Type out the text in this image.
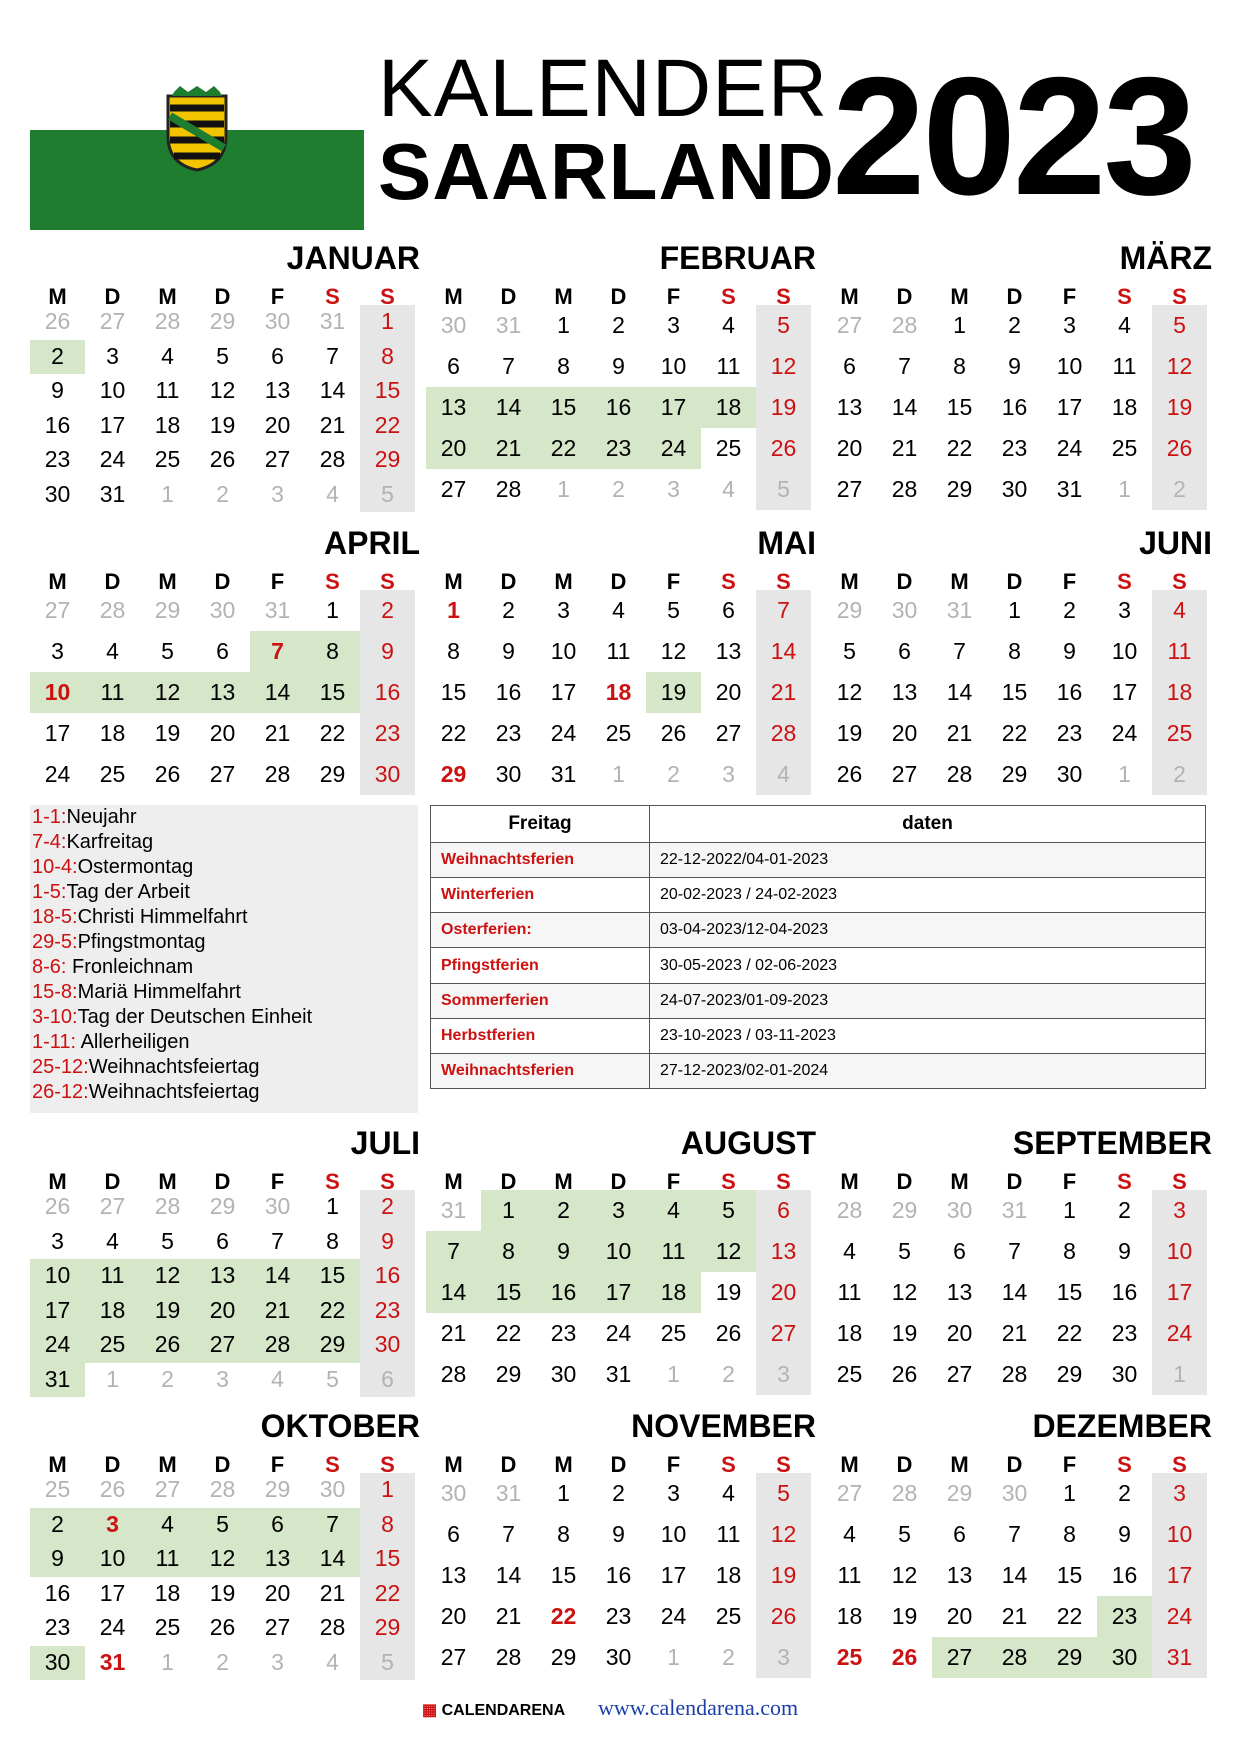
KALENDER
SAARLAND
2023
JANUAR
M	D	M	D	F	S	S
26	27	28	29	30	31	1
2	3	4	5	6	7	8
9	10	11	12	13	14	15
16	17	18	19	20	21	22
23	24	25	26	27	28	29
30	31	1	2	3	4	5
FEBRUAR
M	D	M	D	F	S	S
30	31	1	2	3	4	5
6	7	8	9	10	11	12
13	14	15	16	17	18	19
20	21	22	23	24	25	26
27	28	1	2	3	4	5
MÄRZ
M	D	M	D	F	S	S
27	28	1	2	3	4	5
6	7	8	9	10	11	12
13	14	15	16	17	18	19
20	21	22	23	24	25	26
27	28	29	30	31	1	2
APRIL
M	D	M	D	F	S	S
27	28	29	30	31	1	2
3	4	5	6	7	8	9
10	11	12	13	14	15	16
17	18	19	20	21	22	23
24	25	26	27	28	29	30
MAI
M	D	M	D	F	S	S
1	2	3	4	5	6	7
8	9	10	11	12	13	14
15	16	17	18	19	20	21
22	23	24	25	26	27	28
29	30	31	1	2	3	4
JUNI
M	D	M	D	F	S	S
29	30	31	1	2	3	4
5	6	7	8	9	10	11
12	13	14	15	16	17	18
19	20	21	22	23	24	25
26	27	28	29	30	1	2
JULI
M	D	M	D	F	S	S
26	27	28	29	30	1	2
3	4	5	6	7	8	9
10	11	12	13	14	15	16
17	18	19	20	21	22	23
24	25	26	27	28	29	30
31	1	2	3	4	5	6
AUGUST
M	D	M	D	F	S	S
31	1	2	3	4	5	6
7	8	9	10	11	12	13
14	15	16	17	18	19	20
21	22	23	24	25	26	27
28	29	30	31	1	2	3
SEPTEMBER
M	D	M	D	F	S	S
28	29	30	31	1	2	3
4	5	6	7	8	9	10
11	12	13	14	15	16	17
18	19	20	21	22	23	24
25	26	27	28	29	30	1
OKTOBER
M	D	M	D	F	S	S
25	26	27	28	29	30	1
2	3	4	5	6	7	8
9	10	11	12	13	14	15
16	17	18	19	20	21	22
23	24	25	26	27	28	29
30	31	1	2	3	4	5
NOVEMBER
M	D	M	D	F	S	S
30	31	1	2	3	4	5
6	7	8	9	10	11	12
13	14	15	16	17	18	19
20	21	22	23	24	25	26
27	28	29	30	1	2	3
DEZEMBER
M	D	M	D	F	S	S
27	28	29	30	1	2	3
4	5	6	7	8	9	10
11	12	13	14	15	16	17
18	19	20	21	22	23	24
25	26	27	28	29	30	31
1-1:Neujahr
7-4:Karfreitag
10-4:Ostermontag
1-5:Tag der Arbeit
18-5:Christi Himmelfahrt
29-5:Pfingstmontag
8-6: Fronleichnam
15-8:Mariä Himmelfahrt
3-10:Tag der Deutschen Einheit
1-11: Allerheiligen
25-12:Weihnachtsfeiertag
26-12:Weihnachtsfeiertag
Freitag	daten
Weihnachtsferien	22-12-2022/04-01-2023
Winterferien	20-02-2023 / 24-02-2023
Osterferien:	03-04-2023/12-04-2023
Pfingstferien	30-05-2023 / 02-06-2023
Sommerferien	24-07-2023/01-09-2023
Herbstferien	23-10-2023 / 03-11-2023
Weihnachtsferien	27-12-2023/02-01-2024
▦ CALENDARENA www.calendarena.com
